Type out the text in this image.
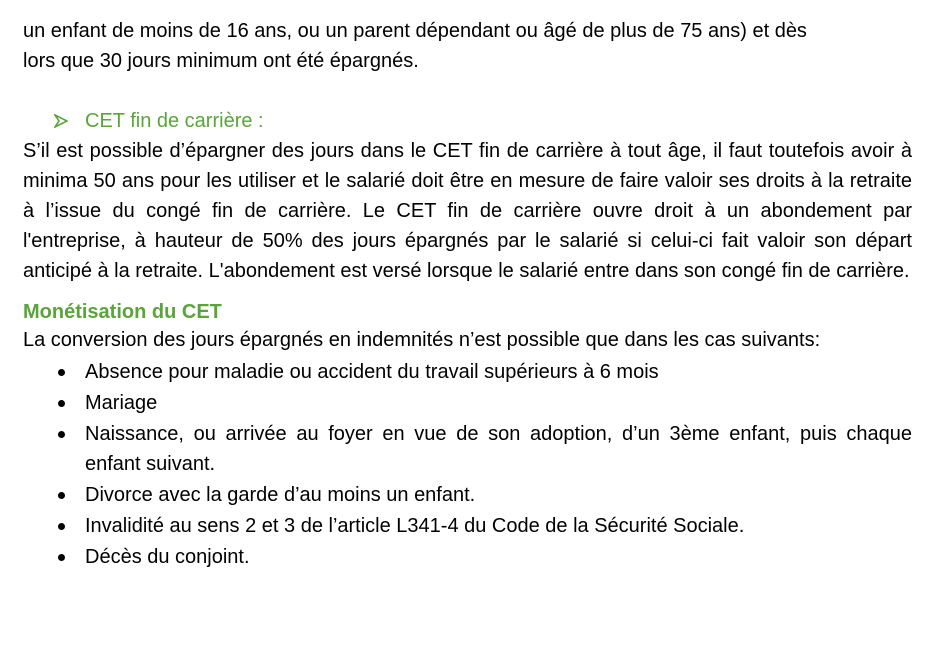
un enfant de moins de 16 ans, ou un parent dépendant ou âgé de plus de 75 ans) et dès
lors que 30 jours minimum ont été épargnés.

CET fin de carrière :

S’il est possible d’épargner des jours dans le CET fin de carrière à tout âge, il faut toutefois avoir à minima 50 ans pour les utiliser et le salarié doit être en mesure de faire valoir ses droits à la retraite à l’issue du congé fin de carrière. Le CET fin de carrière ouvre droit à un abondement par l'entreprise, à hauteur de 50% des jours épargnés par le salarié si celui-ci fait valoir son départ anticipé à la retraite. L'abondement est versé lorsque le salarié entre dans son congé fin de carrière.

Monétisation du CET

La conversion des jours épargnés en indemnités n’est possible que dans les cas suivants:

Absence pour maladie ou accident du travail supérieurs à 6 mois
Mariage
Naissance, ou arrivée au foyer en vue de son adoption, d’un 3ème enfant, puis chaque enfant suivant.
Divorce avec la garde d’au moins un enfant.
Invalidité au sens 2 et 3 de l’article L341-4 du Code de la Sécurité Sociale.
Décès du conjoint.
